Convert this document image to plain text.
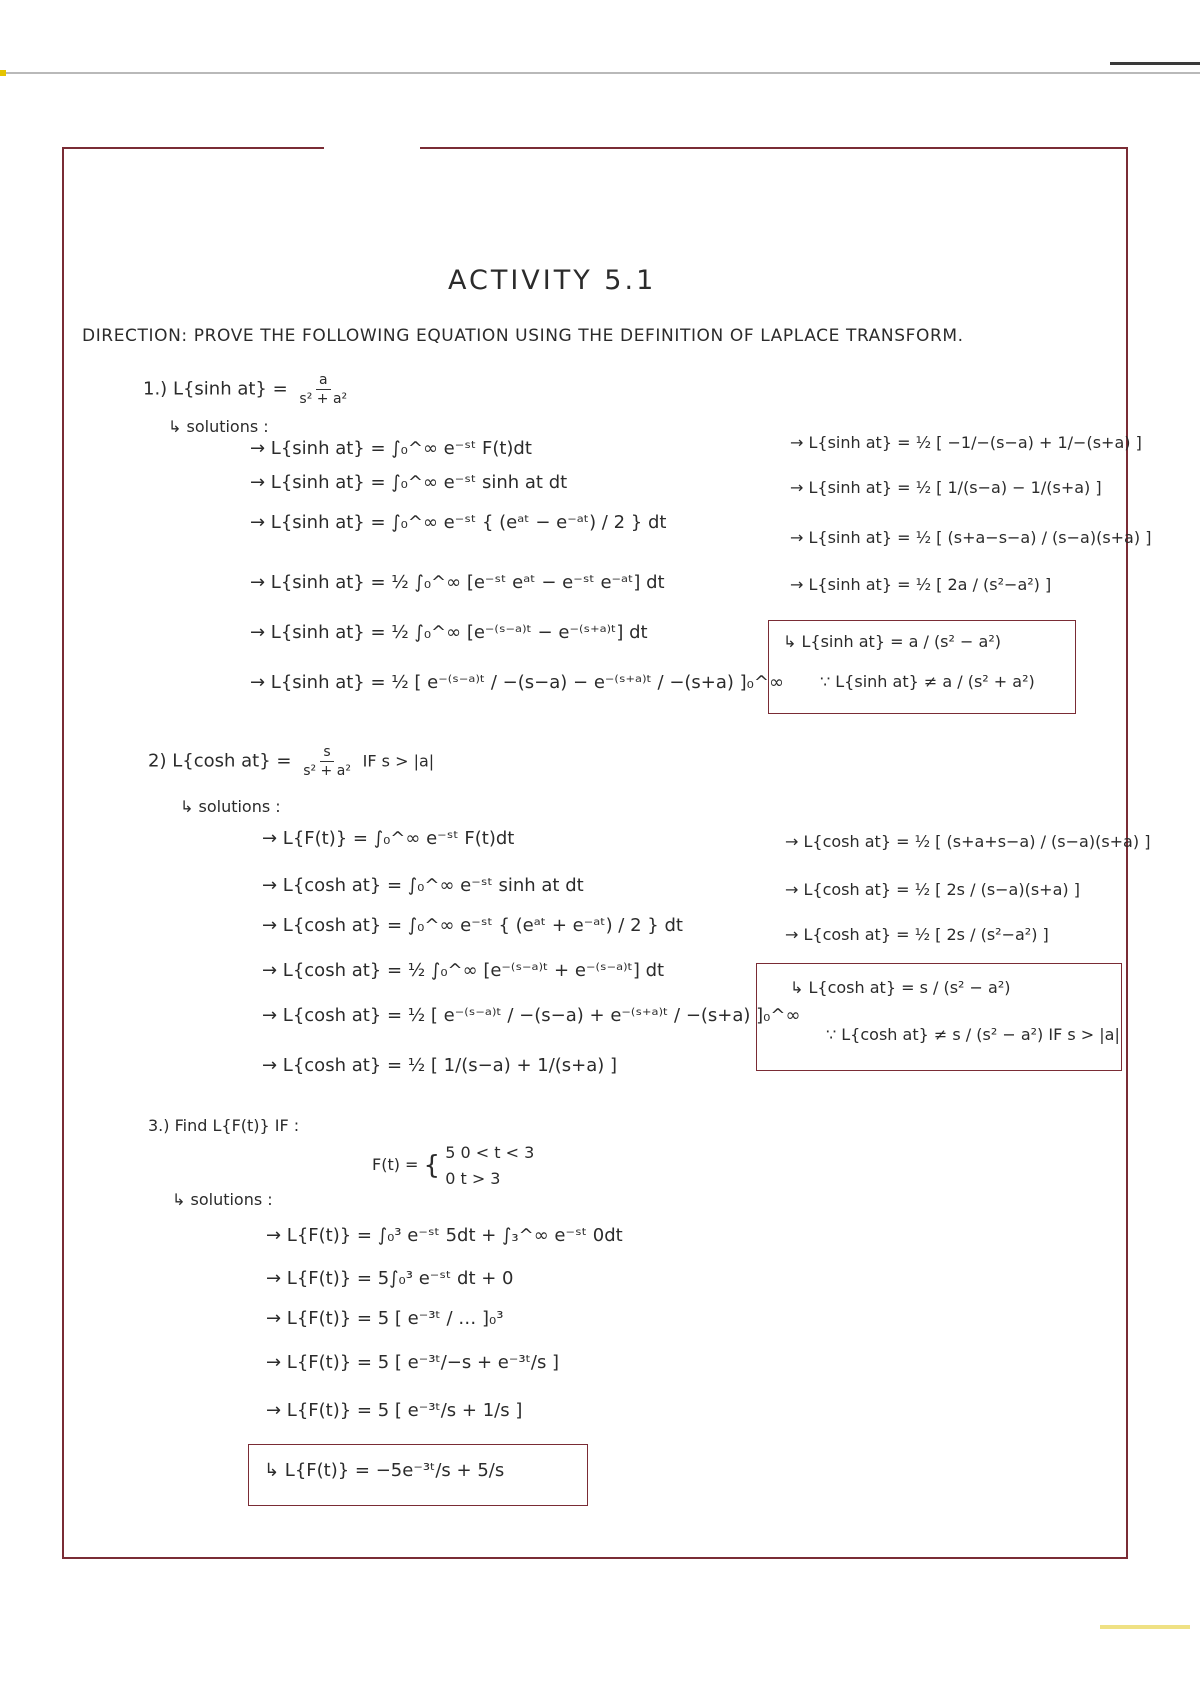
ACTIVITY 5.1
DIRECTION: PROVE THE FOLLOWING EQUATION USING THE DEFINITION OF LAPLACE TRANSFORM.
1.) L{sinh $at\} = \frac{a}{\text{s² + a²}}$
↳ solutions :
→ L{sinh at} = ∫₀^∞ e⁻ˢᵗ F(t)dt
→ L{sinh at} = ∫₀^∞ e⁻ˢᵗ sinh at dt
→ L{sinh at} = ∫₀^∞ e⁻ˢᵗ { (eᵃᵗ − e⁻ᵃᵗ) / 2 } dt
→ L{sinh at} = ½ ∫₀^∞ [e⁻ˢᵗ eᵃᵗ − e⁻ˢᵗ e⁻ᵃᵗ] dt
→ L{sinh at} = ½ ∫₀^∞ [e⁻⁽ˢ⁻ᵃ⁾ᵗ − e⁻⁽ˢ⁺ᵃ⁾ᵗ] dt
→ L{sinh at} = ½ [ e⁻⁽ˢ⁻ᵃ⁾ᵗ / −(s−a) − e⁻⁽ˢ⁺ᵃ⁾ᵗ / −(s+a) ]₀^∞
→ L{sinh at} = ½ [ −1/−(s−a) + 1/−(s+a) ]
→ L{sinh at} = ½ [ 1/(s−a) − 1/(s+a) ]
→ L{sinh at} = ½ [ (s+a−s−a) / (s−a)(s+a) ]
→ L{sinh at} = ½ [ 2a / (s²−a²) ]
↳ L{sinh at} = a / (s² − a²)
∵ L{sinh at} ≠ a / (s² + a²)
2) L{cosh $at\} = \frac{s}{\text{s² + a²}}$ IF s > |a|
↳ solutions :
→ L{F(t)} = ∫₀^∞ e⁻ˢᵗ F(t)dt
→ L{cosh at} = ∫₀^∞ e⁻ˢᵗ sinh at dt
→ L{cosh at} = ∫₀^∞ e⁻ˢᵗ { (eᵃᵗ + e⁻ᵃᵗ) / 2 } dt
→ L{cosh at} = ½ ∫₀^∞ [e⁻⁽ˢ⁻ᵃ⁾ᵗ + e⁻⁽ˢ⁻ᵃ⁾ᵗ] dt
→ L{cosh at} = ½ [ e⁻⁽ˢ⁻ᵃ⁾ᵗ / −(s−a) + e⁻⁽ˢ⁺ᵃ⁾ᵗ / −(s+a) ]₀^∞
→ L{cosh at} = ½ [ 1/(s−a) + 1/(s+a) ]
→ L{cosh at} = ½ [ (s+a+s−a) / (s−a)(s+a) ]
→ L{cosh at} = ½ [ 2s / (s−a)(s+a) ]
→ L{cosh at} = ½ [ 2s / (s²−a²) ]
↳ L{cosh at} = s / (s² − a²)
∵ L{cosh at} ≠ s / (s² − a²) IF s > |a|
3.) Find L{F(t)} IF :
F(t) = { 5 0 < t < 3
0 t > 3
↳ solutions :
→ L{F(t)} = ∫₀³ e⁻ˢᵗ 5dt + ∫₃^∞ e⁻ˢᵗ 0dt
→ L{F(t)} = 5∫₀³ e⁻ˢᵗ dt + 0
→ L{F(t)} = 5 [ e⁻³ᵗ / … ]₀³
→ L{F(t)} = 5 [ e⁻³ᵗ/−s + e⁻³ᵗ/s ]
→ L{F(t)} = 5 [ e⁻³ᵗ/s + 1/s ]
↳ L{F(t)} = −5e⁻³ᵗ/s + 5/s
